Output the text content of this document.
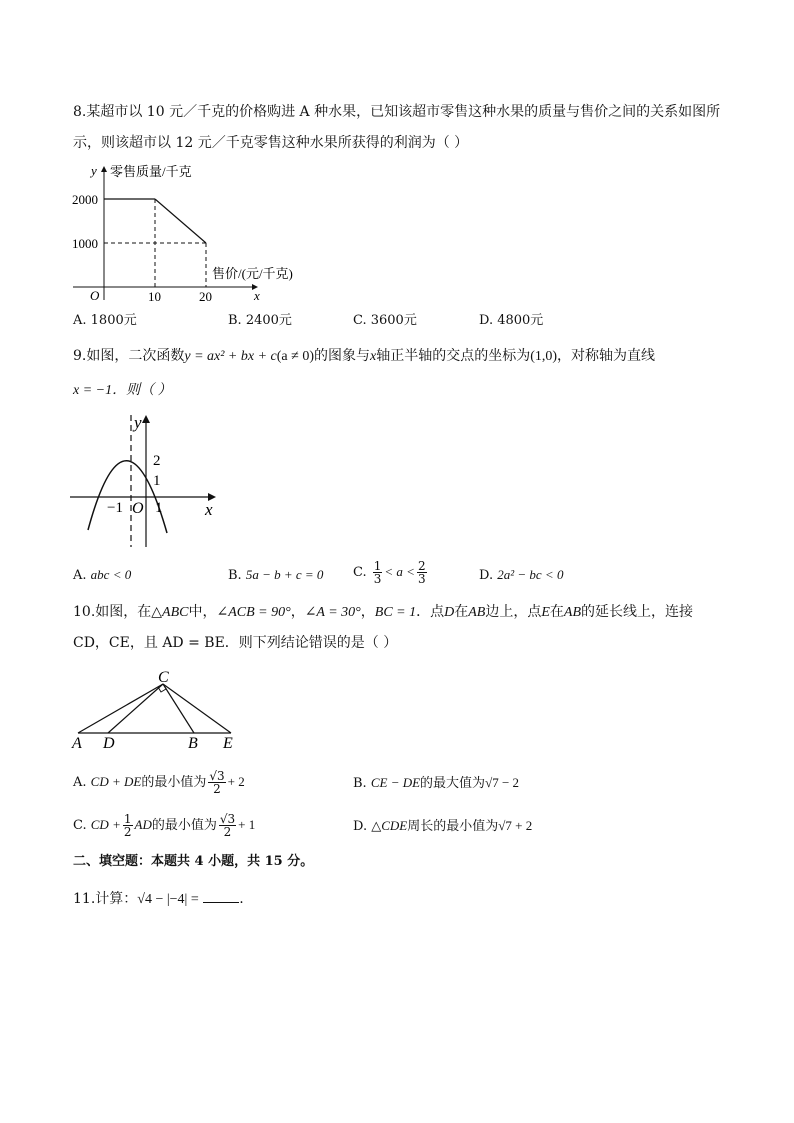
8.某超市以 10 元／千克的价格购进 A 种水果，已知该超市零售这种水果的质量与售价之间的关系如图所
示，则该超市以 12 元／千克零售这种水果所获得的利润为（ ）
y 零售质量/千克
O	x
售价/(元/千克)
10	20
2000
1000
A. 1800元	B. 2400元	C. 3600元	D. 4800元
9.如图，二次函数y = ax² + bx + c(a ≠ 0)的图象与x轴正半轴的交点的坐标为(1,0)，对称轴为直线
x = −1．则（ ）
y
x
O
2
1
−1 1
A. abc < 0	B. 5a − b + c = 0 C. $\frac{1}{3} < a < \frac{2}{3}$	D. 2a² − bc < 0
10.如图，在△ABC中，∠ACB = 90°，∠A = 30°，BC = 1．点D在AB边上，点E在AB的延长线上，连接
CD，CE，且 AD = BE．则下列结论错误的是（ ）
C
A D	B E
A. CD + DE的最小值为 $\frac{√3}{2} + 2$	B. CE − DE的最大值为√7 − 2
C. CD + $\frac{1}{2}$ AD的最小值为 $\frac{√3}{2} + 1$	D. △CDE周长的最小值为√7 + 2
二、填空题：本题共 4 小题，共 15 分。
11.计算：√4 − |−4| =	.
